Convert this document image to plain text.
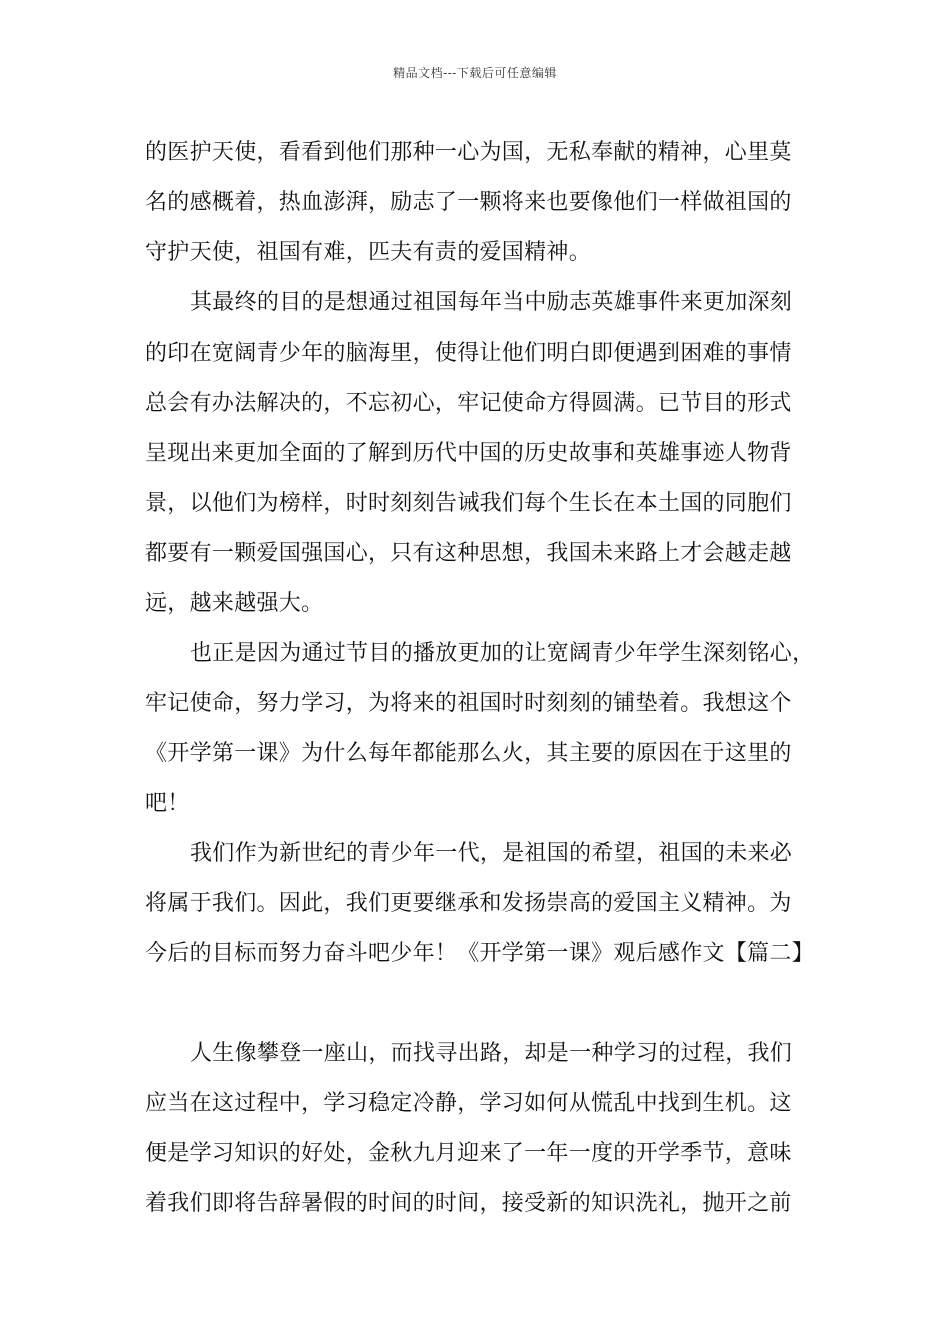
精品文档---下载后可任意编辑
的医护天使，看看到他们那种一心为国，无私奉献的精神，心里莫
名的感概着，热血澎湃，励志了一颗将来也要像他们一样做祖国的
守护天使，祖国有难，匹夫有责的爱国精神。
其最终的目的是想通过祖国每年当中励志英雄事件来更加深刻
的印在宽阔青少年的脑海里，使得让他们明白即便遇到困难的事情
总会有办法解决的，不忘初心，牢记使命方得圆满。已节目的形式
呈现出来更加全面的了解到历代中国的历史故事和英雄事迹人物背
景，以他们为榜样，时时刻刻告诫我们每个生长在本土国的同胞们
都要有一颗爱国强国心，只有这种思想，我国未来路上才会越走越
远，越来越强大。
也正是因为通过节目的播放更加的让宽阔青少年学生深刻铭心，
牢记使命，努力学习，为将来的祖国时时刻刻的铺垫着。我想这个
《开学第一课》为什么每年都能那么火，其主要的原因在于这里的
吧！
我们作为新世纪的青少年一代，是祖国的希望，祖国的未来必
将属于我们。因此，我们更要继承和发扬崇高的爱国主义精神。为
今后的目标而努力奋斗吧少年！《开学第一课》观后感作文【篇二】
人生像攀登一座山，而找寻出路，却是一种学习的过程，我们
应当在这过程中，学习稳定冷静，学习如何从慌乱中找到生机。这
便是学习知识的好处，金秋九月迎来了一年一度的开学季节，意味
着我们即将告辞暑假的时间的时间，接受新的知识洗礼，抛开之前
